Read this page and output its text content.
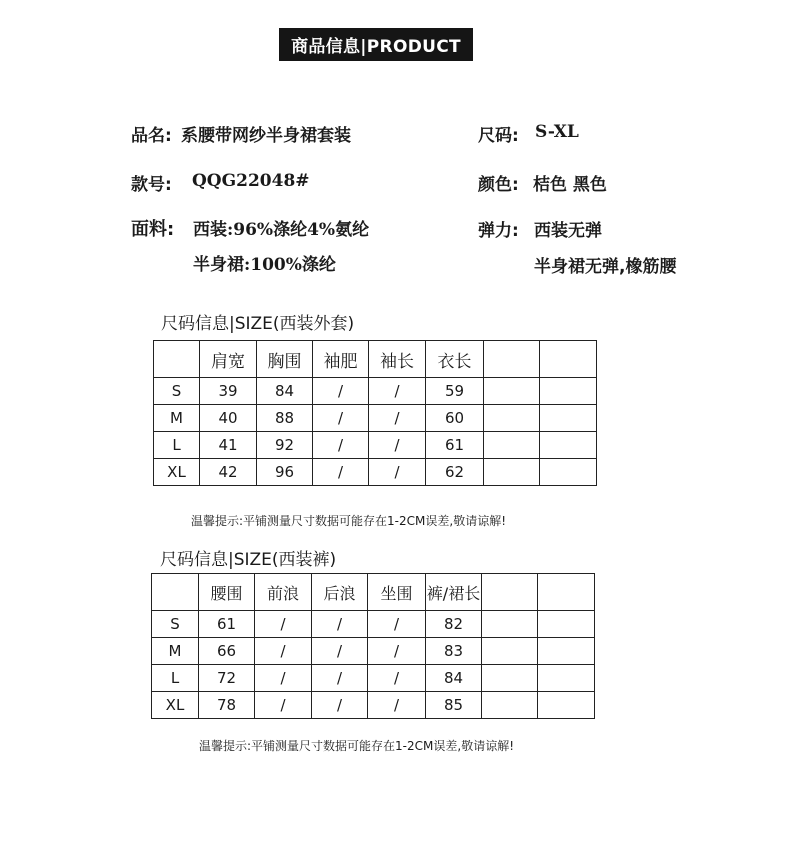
商品信息|PRODUCT
品名: 系腰带网纱半身裙套装	尺码: S-XL
款号: QQG22048#	颜色: 桔色 黑色
面料: 西装:96%涤纶4%氨纶
半身裙:100%涤纶
弹力: 西装无弹
半身裙无弹,橡筋腰
尺码信息|SIZE(西装外套)
	肩宽	胸围	袖肥	袖长	衣长		
S	39	84	/	/	59		
M	40	88	/	/	60		
L	41	92	/	/	61		
XL	42	96	/	/	62		
温馨提示:平铺测量尺寸数据可能存在1-2CM误差,敬请谅解!
尺码信息|SIZE(西装裤)
	腰围	前浪	后浪	坐围	裤/裙长		
S	61	/	/	/	82		
M	66	/	/	/	83		
L	72	/	/	/	84		
XL	78	/	/	/	85		
温馨提示:平铺测量尺寸数据可能存在1-2CM误差,敬请谅解!
